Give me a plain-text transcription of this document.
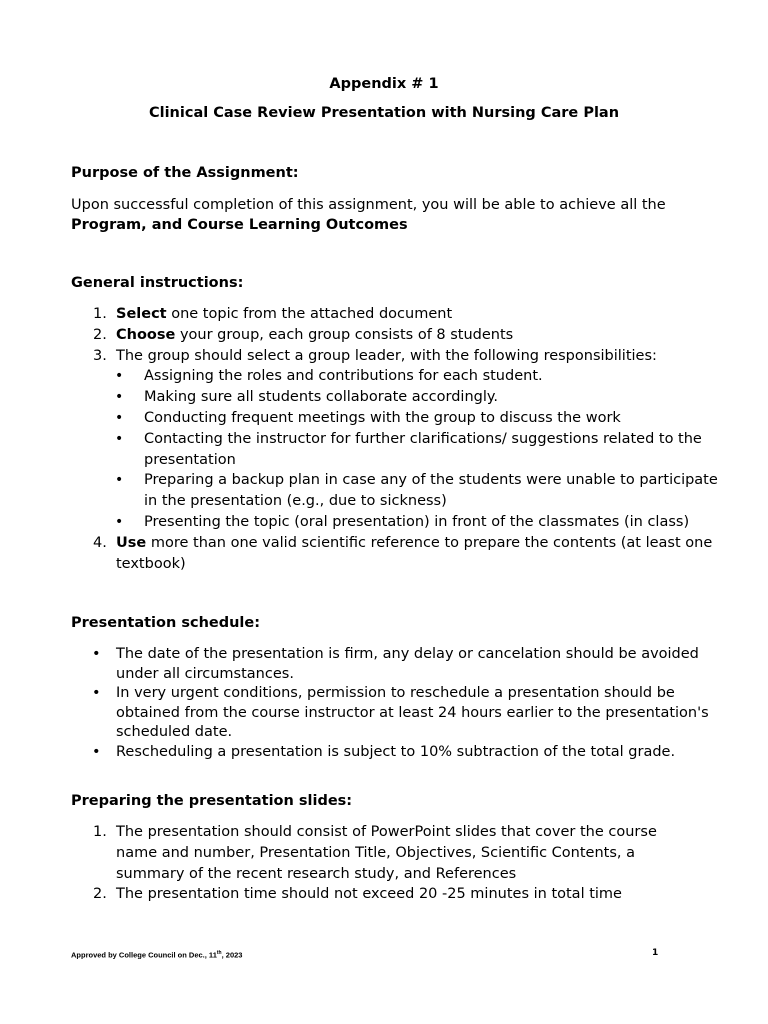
Appendix # 1
Clinical Case Review Presentation with Nursing Care Plan
Purpose of the Assignment:
Upon successful completion of this assignment, you will be able to achieve all the
Program, and Course Learning Outcomes
General instructions:
1. Select one topic from the attached document
2. Choose your group, each group consists of 8 students
3. The group should select a group leader, with the following responsibilities:
• Assigning the roles and contributions for each student.
• Making sure all students collaborate accordingly.
• Conducting frequent meetings with the group to discuss the work
• Contacting the instructor for further clarifications/ suggestions related to the presentation
• Preparing a backup plan in case any of the students were unable to participate in the presentation (e.g., due to sickness)
• Presenting the topic (oral presentation) in front of the classmates (in class)
4. Use more than one valid scientific reference to prepare the contents (at least one textbook)
Presentation schedule:
• The date of the presentation is firm, any delay or cancelation should be avoided under all circumstances.
• In very urgent conditions, permission to reschedule a presentation should be obtained from the course instructor at least 24 hours earlier to the presentation's scheduled date.
• Rescheduling a presentation is subject to 10% subtraction of the total grade.
Preparing the presentation slides:
1. The presentation should consist of PowerPoint slides that cover the course name and number, Presentation Title, Objectives, Scientific Contents, a summary of the recent research study, and References
2. The presentation time should not exceed 20 -25 minutes in total time
Approved by College Council on Dec., 11th, 2023	1
